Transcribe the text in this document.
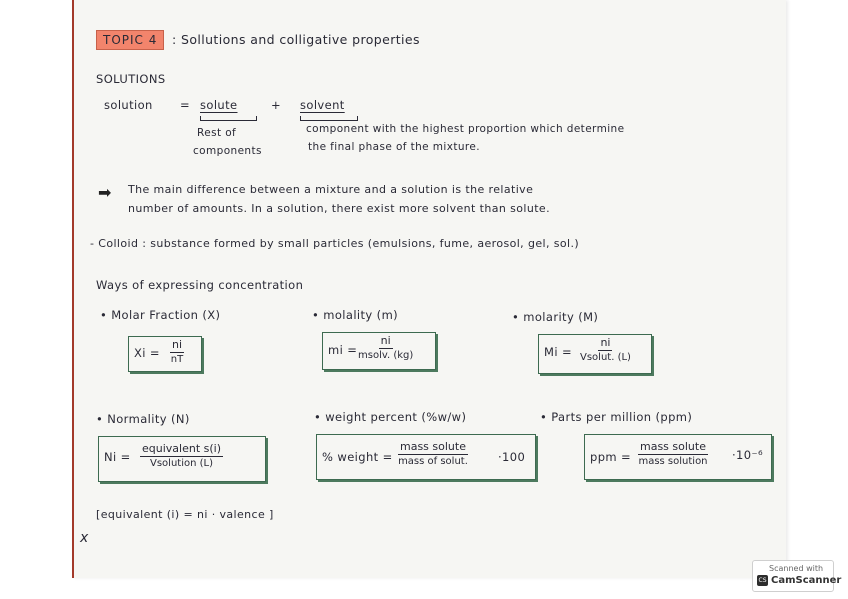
TOPIC 4	: Sollutions and colligative properties
SOLUTIONS
solution = solute	+ solvent
Rest of
components
component with the highest proportion which determine
the final phase of the mixture.
➡ The main difference between a mixture and a solution is the relative
number of amounts. In a solution, there exist more solvent than solute.
- Colloid : substance formed by small particles (emulsions, fume, aerosol, gel, sol.)
Ways of expressing concentration
• Molar Fraction (X)
$Xi = \frac{ni}{nT}$
• molality (m)
mi =
ni
msolv. (kg)
• molarity (M)
Mi =
ni
Vsolut. (L)
• Normality (N)
Ni =
equivalent s(i)
Vsolution (L)
• weight percent (%w/w)
% weight =
mass solute
mass of solut.	·100
• Parts per million (ppm)
ppm =
mass solute
mass solution ·10⁻⁶
[equivalent (i) = ni · valence ]
x
Scanned with
CS CamScanner
